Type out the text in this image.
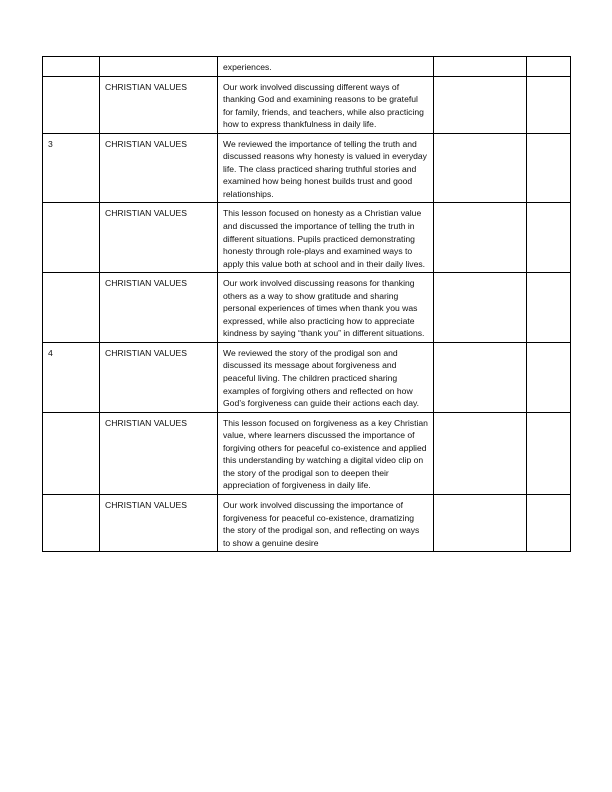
		experiences.		
	CHRISTIAN VALUES	Our work involved discussing different ways of thanking God and examining reasons to be grateful for family, friends, and teachers, while also practicing how to express thankfulness in daily life.		
3	CHRISTIAN VALUES	We reviewed the importance of telling the truth and discussed reasons why honesty is valued in everyday life. The class practiced sharing truthful stories and examined how being honest builds trust and good relationships.		
	CHRISTIAN VALUES	This lesson focused on honesty as a Christian value and discussed the importance of telling the truth in different situations. Pupils practiced demonstrating honesty through role-plays and examined ways to apply this value both at school and in their daily lives.		
	CHRISTIAN VALUES	Our work involved discussing reasons for thanking others as a way to show gratitude and sharing personal experiences of times when thank you was expressed, while also practicing how to appreciate kindness by saying “thank you” in different situations.		
4	CHRISTIAN VALUES	We reviewed the story of the prodigal son and discussed its message about forgiveness and peaceful living. The children practiced sharing examples of forgiving others and reflected on how God’s forgiveness can guide their actions each day.		
	CHRISTIAN VALUES	This lesson focused on forgiveness as a key Christian value, where learners discussed the importance of forgiving others for peaceful co-existence and applied this understanding by watching a digital video clip on the story of the prodigal son to deepen their appreciation of forgiveness in daily life.		
	CHRISTIAN VALUES	Our work involved discussing the importance of forgiveness for peaceful co-existence, dramatizing the story of the prodigal son, and reflecting on ways to show a genuine desire		
